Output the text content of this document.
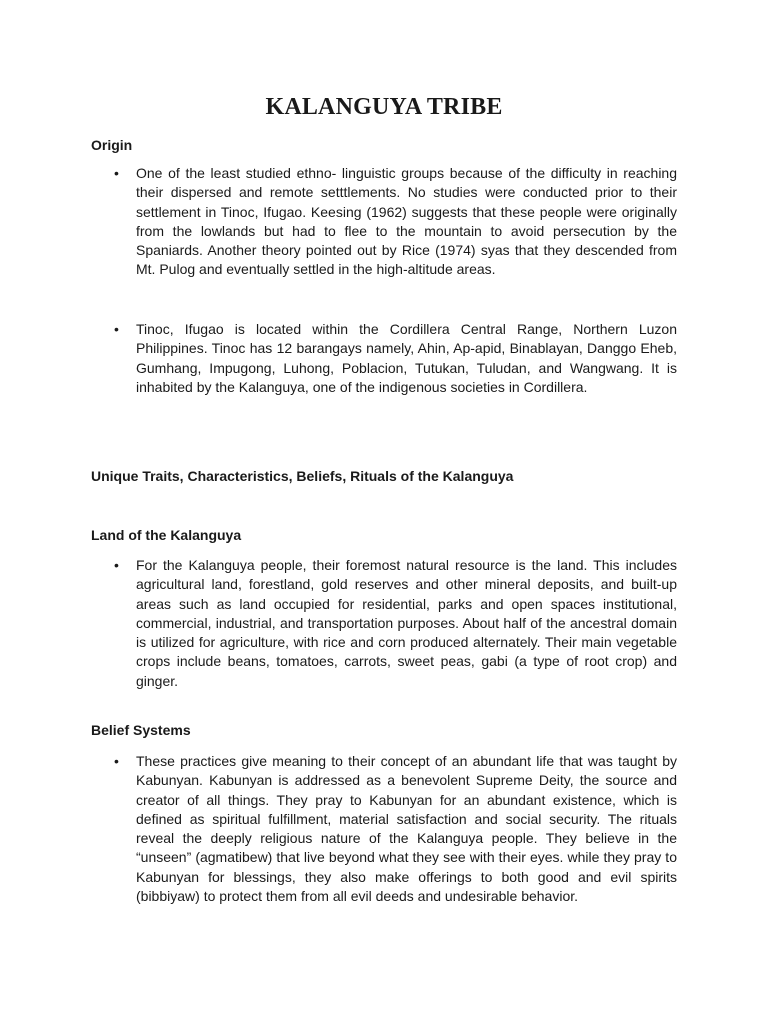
KALANGUYA TRIBE
Origin
• One of the least studied ethno- linguistic groups because of the difficulty in reaching their dispersed and remote setttlements. No studies were conducted prior to their settlement in Tinoc, Ifugao. Keesing (1962) suggests that these people were originally from the lowlands but had to flee to the mountain to avoid persecution by the Spaniards. Another theory pointed out by Rice (1974) syas that they descended from Mt. Pulog and eventually settled in the high-altitude areas.
• Tinoc, Ifugao is located within the Cordillera Central Range, Northern Luzon Philippines. Tinoc has 12 barangays namely, Ahin, Ap-apid, Binablayan, Danggo Eheb, Gumhang, Impugong, Luhong, Poblacion, Tutukan, Tuludan, and Wangwang. It is inhabited by the Kalanguya, one of the indigenous societies in Cordillera.
Unique Traits, Characteristics, Beliefs, Rituals of the Kalanguya
Land of the Kalanguya
• For the Kalanguya people, their foremost natural resource is the land. This includes agricultural land, forestland, gold reserves and other mineral deposits, and built-up areas such as land occupied for residential, parks and open spaces institutional, commercial, industrial, and transportation purposes. About half of the ancestral domain is utilized for agriculture, with rice and corn produced alternately. Their main vegetable crops include beans, tomatoes, carrots, sweet peas, gabi (a type of root crop) and ginger.
Belief Systems
• These practices give meaning to their concept of an abundant life that was taught by Kabunyan. Kabunyan is addressed as a benevolent Supreme Deity, the source and creator of all things. They pray to Kabunyan for an abundant existence, which is defined as spiritual fulfillment, material satisfaction and social security. The rituals reveal the deeply religious nature of the Kalanguya people. They believe in the “unseen” (agmatibew) that live beyond what they see with their eyes. while they pray to Kabunyan for blessings, they also make offerings to both good and evil spirits (bibbiyaw) to protect them from all evil deeds and undesirable behavior.
